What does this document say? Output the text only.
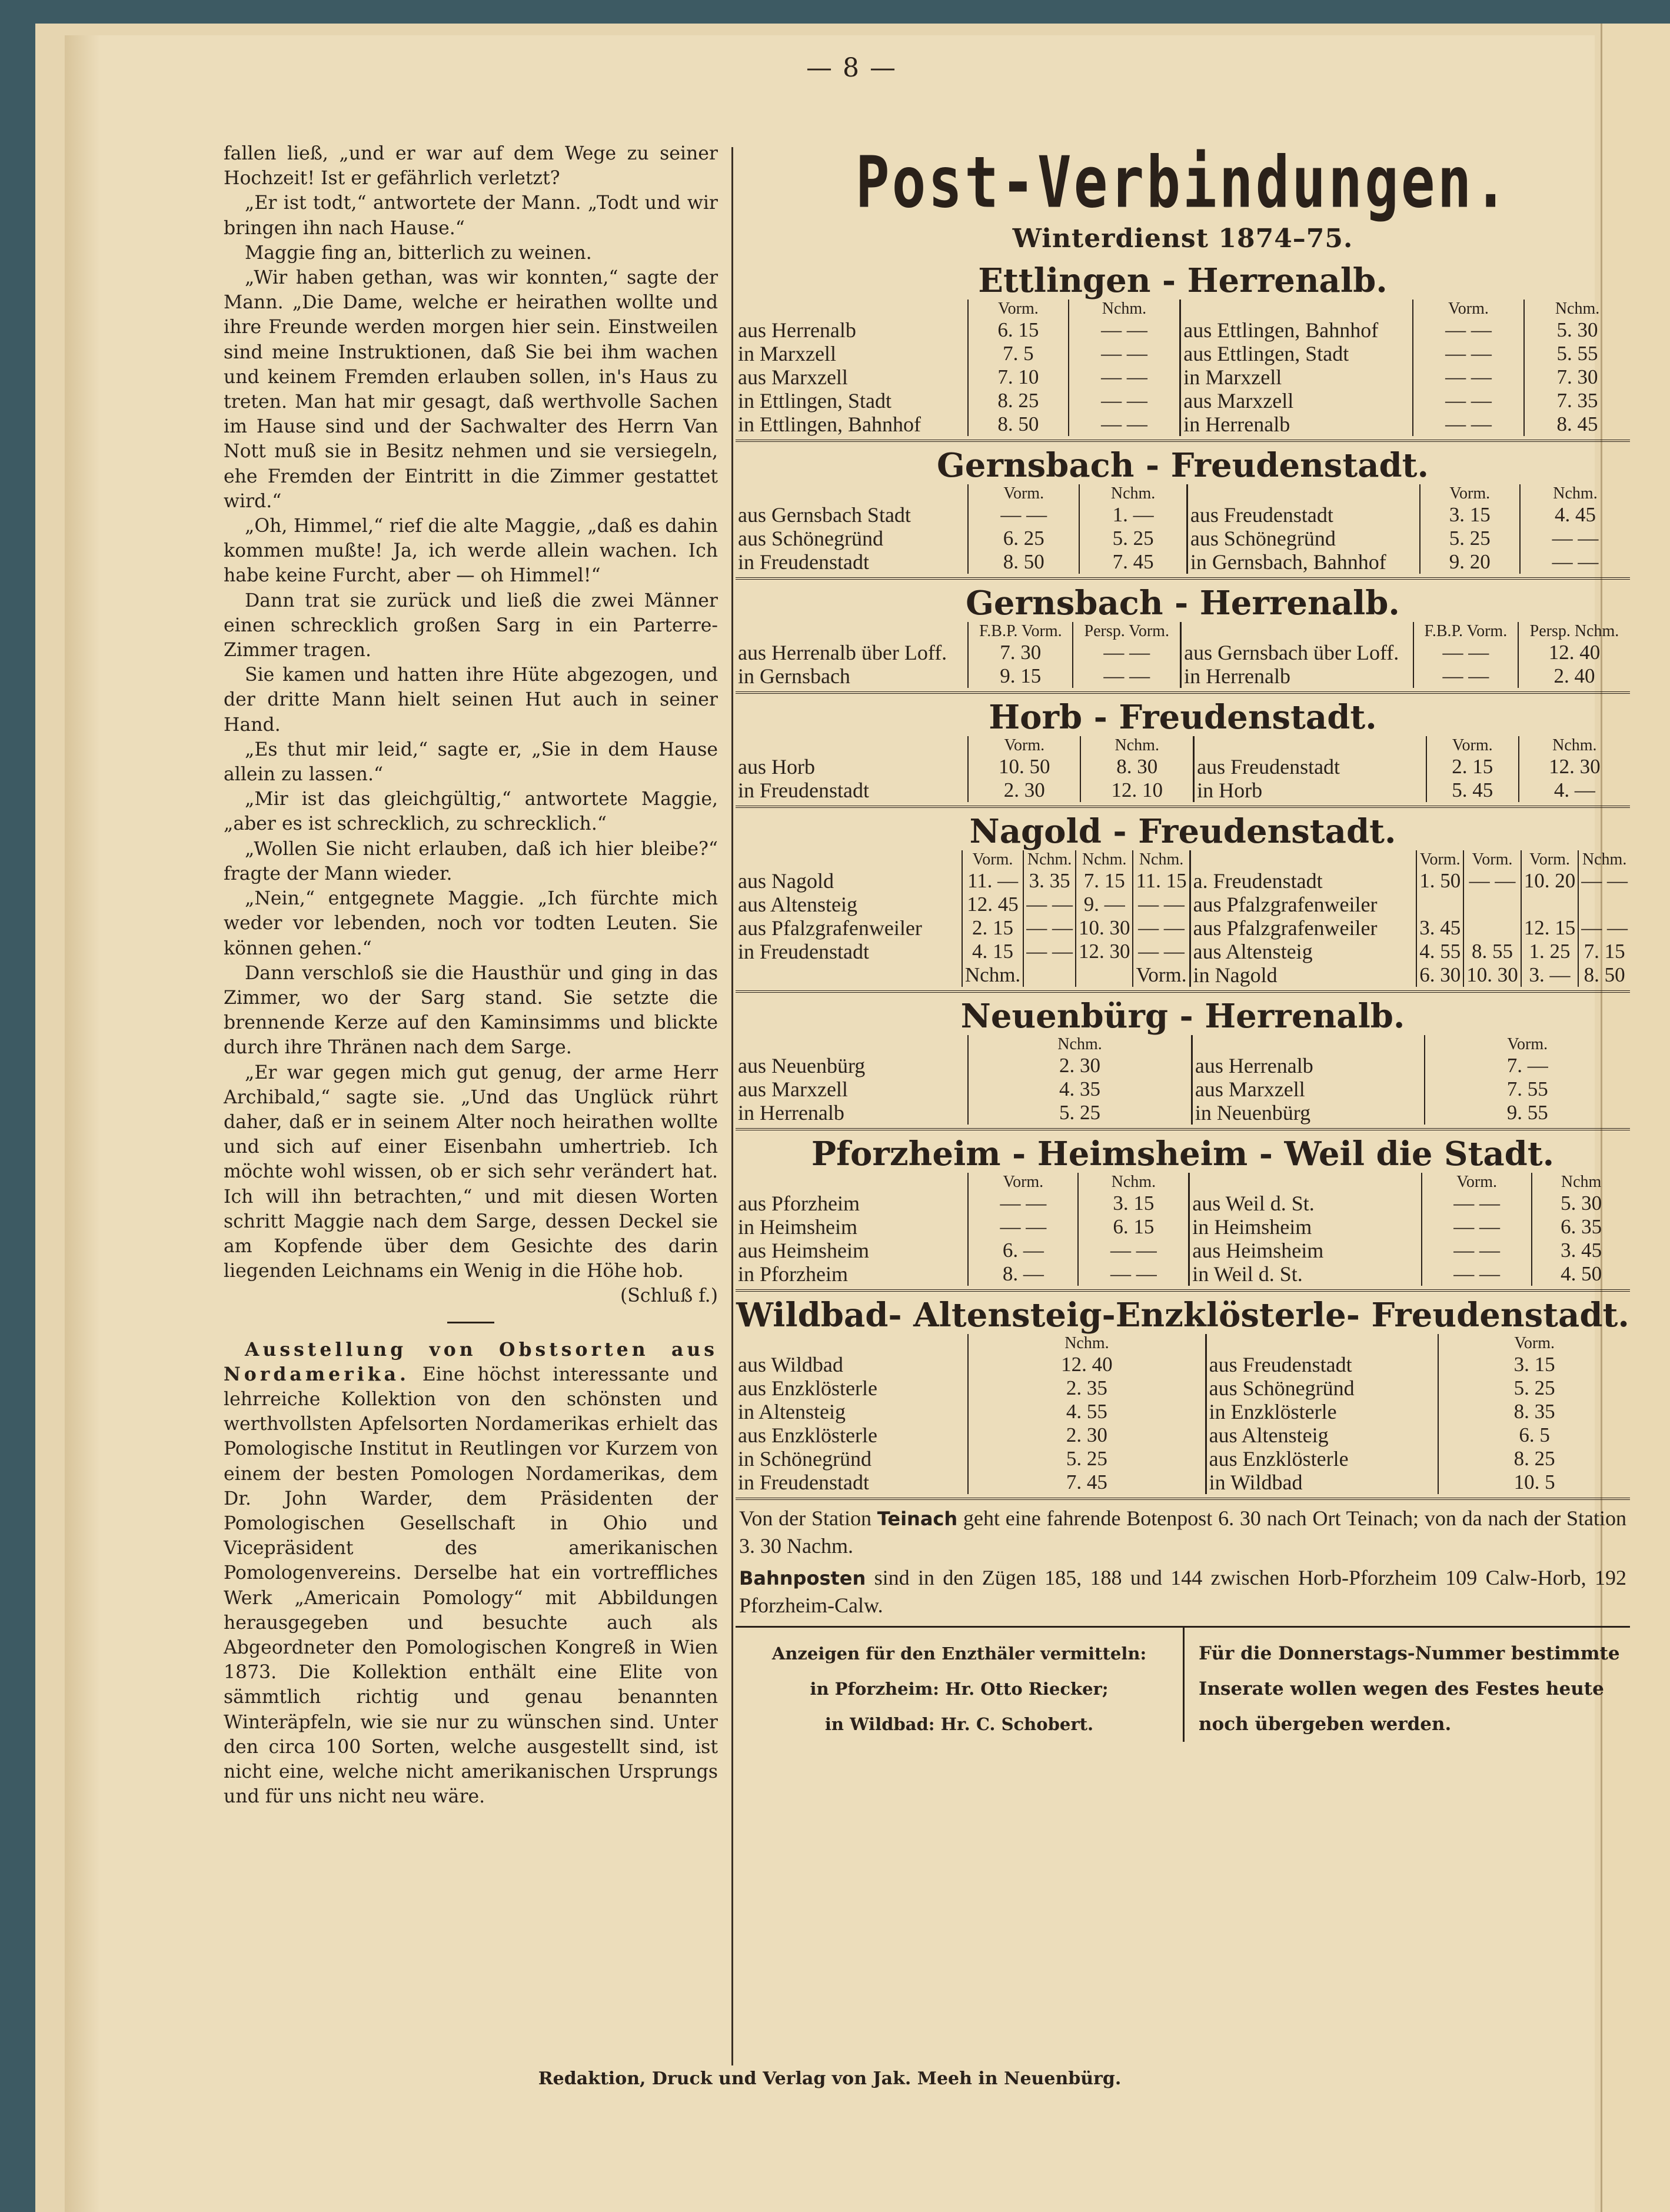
— 8 —

fallen ließ, „und er war auf dem Wege zu seiner Hochzeit! Ist er gefährlich verletzt?

„Er ist todt,“ antwortete der Mann. „Todt und wir bringen ihn nach Hause.“

Maggie fing an, bitterlich zu weinen.

„Wir haben gethan, was wir konnten,“ sagte der Mann. „Die Dame, welche er heirathen wollte und ihre Freunde werden morgen hier sein. Einstweilen sind meine Instruktionen, daß Sie bei ihm wachen und keinem Fremden erlauben sollen, in's Haus zu treten. Man hat mir gesagt, daß werthvolle Sachen im Hause sind und der Sachwalter des Herrn Van Nott muß sie in Besitz nehmen und sie versiegeln, ehe Fremden der Eintritt in die Zimmer gestattet wird.“

„Oh, Himmel,“ rief die alte Maggie, „daß es dahin kommen mußte! Ja, ich werde allein wachen. Ich habe keine Furcht, aber — oh Himmel!“

Dann trat sie zurück und ließ die zwei Männer einen schrecklich großen Sarg in ein Parterre-Zimmer tragen.

Sie kamen und hatten ihre Hüte abgezogen, und der dritte Mann hielt seinen Hut auch in seiner Hand.

„Es thut mir leid,“ sagte er, „Sie in dem Hause allein zu lassen.“

„Mir ist das gleichgültig,“ antwortete Maggie, „aber es ist schrecklich, zu schrecklich.“

„Wollen Sie nicht erlauben, daß ich hier bleibe?“ fragte der Mann wieder.

„Nein,“ entgegnete Maggie. „Ich fürchte mich weder vor lebenden, noch vor todten Leuten. Sie können gehen.“

Dann verschloß sie die Hausthür und ging in das Zimmer, wo der Sarg stand. Sie setzte die brennende Kerze auf den Kaminsimms und blickte durch ihre Thränen nach dem Sarge.

„Er war gegen mich gut genug, der arme Herr Archibald,“ sagte sie. „Und das Unglück rührt daher, daß er in seinem Alter noch heirathen wollte und sich auf einer Eisenbahn umhertrieb. Ich möchte wohl wissen, ob er sich sehr verändert hat. Ich will ihn betrachten,“ und mit diesen Worten schritt Maggie nach dem Sarge, dessen Deckel sie am Kopfende über dem Gesichte des darin liegenden Leichnams ein Wenig in die Höhe hob.

(Schluß f.)

Ausstellung von Obstsorten aus Nordamerika. Eine höchst interessante und lehrreiche Kollektion von den schönsten und werthvollsten Apfelsorten Nordamerikas erhielt das Pomologische Institut in Reutlingen vor Kurzem von einem der besten Pomologen Nordamerikas, dem Dr. John Warder, dem Präsidenten der Pomologischen Gesellschaft in Ohio und Vicepräsident des amerikanischen Pomologenvereins. Derselbe hat ein vortreffliches Werk „Americain Pomology“ mit Abbildungen herausgegeben und besuchte auch als Abgeordneter den Pomologischen Kongreß in Wien 1873. Die Kollektion enthält eine Elite von sämmtlich richtig und genau benannten Winteräpfeln, wie sie nur zu wünschen sind. Unter den circa 100 Sorten, welche ausgestellt sind, ist nicht eine, welche nicht amerikanischen Ursprungs und für uns nicht neu wäre.

Post-Verbindungen.
Winterdienst 1874–75.
Ettlingen - Herrenalb.
	Vorm.	Nchm.		Vorm.	Nchm.
aus Herrenalb	6. 15	— —	aus Ettlingen, Bahnhof	— —	5. 30
in Marxzell	7. 5	— —	aus Ettlingen, Stadt	— —	5. 55
aus Marxzell	7. 10	— —	in Marxzell	— —	7. 30
in Ettlingen, Stadt	8. 25	— —	aus Marxzell	— —	7. 35
in Ettlingen, Bahnhof	8. 50	— —	in Herrenalb	— —	8. 45
Gernsbach - Freudenstadt.
	Vorm.	Nchm.		Vorm.	Nchm.
aus Gernsbach Stadt	— —	1. —	aus Freudenstadt	3. 15	4. 45
aus Schönegründ	6. 25	5. 25	aus Schönegründ	5. 25	— —
in Freudenstadt	8. 50	7. 45	in Gernsbach, Bahnhof	9. 20	— —
Gernsbach - Herrenalb.
	F.B.P. Vorm.	Persp. Vorm.		F.B.P. Vorm.	Persp. Nchm.
aus Herrenalb über Loff.	7. 30	— —	aus Gernsbach über Loff.	— —	12. 40
in Gernsbach	9. 15	— —	in Herrenalb	— —	2. 40
Horb - Freudenstadt.
	Vorm.	Nchm.		Vorm.	Nchm.
aus Horb	10. 50	8. 30	aus Freudenstadt	2. 15	12. 30
in Freudenstadt	2. 30	12. 10	in Horb	5. 45	4. —
Nagold - Freudenstadt.
	Vorm.	Nchm.	Nchm.	Nchm.		Vorm.	Vorm.	Vorm.	Nchm.
aus Nagold	11. —	3. 35	7. 15	11. 15	a. Freudenstadt	1. 50	— —	10. 20	— —
aus Altensteig	12. 45	— —	9. —	— —	aus Pfalzgrafenweiler				
aus Pfalzgrafenweiler	2. 15	— —	10. 30	— —	aus Pfalzgrafenweiler	3. 45		12. 15	— —
in Freudenstadt	4. 15	— —	12. 30	— —	aus Altensteig	4. 55	8. 55	1. 25	7. 15
	Nchm.			Vorm.	in Nagold	6. 30	10. 30	3. —	8. 50
Neuenbürg - Herrenalb.
	Nchm.		Vorm.
aus Neuenbürg	2. 30	aus Herrenalb	7. —
aus Marxzell	4. 35	aus Marxzell	7. 55
in Herrenalb	5. 25	in Neuenbürg	9. 55
Pforzheim - Heimsheim - Weil die Stadt.
	Vorm.	Nchm.		Vorm.	Nchm
aus Pforzheim	— —	3. 15	aus Weil d. St.	— —	5. 30
in Heimsheim	— —	6. 15	in Heimsheim	— —	6. 35
aus Heimsheim	6. —	— —	aus Heimsheim	— —	3. 45
in Pforzheim	8. —	— —	in Weil d. St.	— —	4. 50
Wildbad- Altensteig-Enzklösterle- Freudenstadt.
	Nchm.		Vorm.
aus Wildbad	12. 40	aus Freudenstadt	3. 15
aus Enzklösterle	2. 35	aus Schönegründ	5. 25
in Altensteig	4. 55	in Enzklösterle	8. 35
aus Enzklösterle	2. 30	aus Altensteig	6. 5
in Schönegründ	5. 25	aus Enzklösterle	8. 25
in Freudenstadt	7. 45	in Wildbad	10. 5
Von der Station Teinach geht eine fahrende Botenpost 6. 30 nach Ort Teinach; von da nach der Station 3. 30 Nachm.
Bahnposten sind in den Zügen 185, 188 und 144 zwischen Horb-Pforzheim 109 Calw-Horb, 192 Pforzheim-Calw.
Anzeigen für den Enzthäler vermitteln:
in Pforzheim: Hr. Otto Riecker;
in Wildbad: Hr. C. Schobert.
Für die Donnerstags-Nummer bestimmte Inserate wollen wegen des Festes heute noch übergeben werden.
Redaktion, Druck und Verlag von Jak. Meeh in Neuenbürg.
